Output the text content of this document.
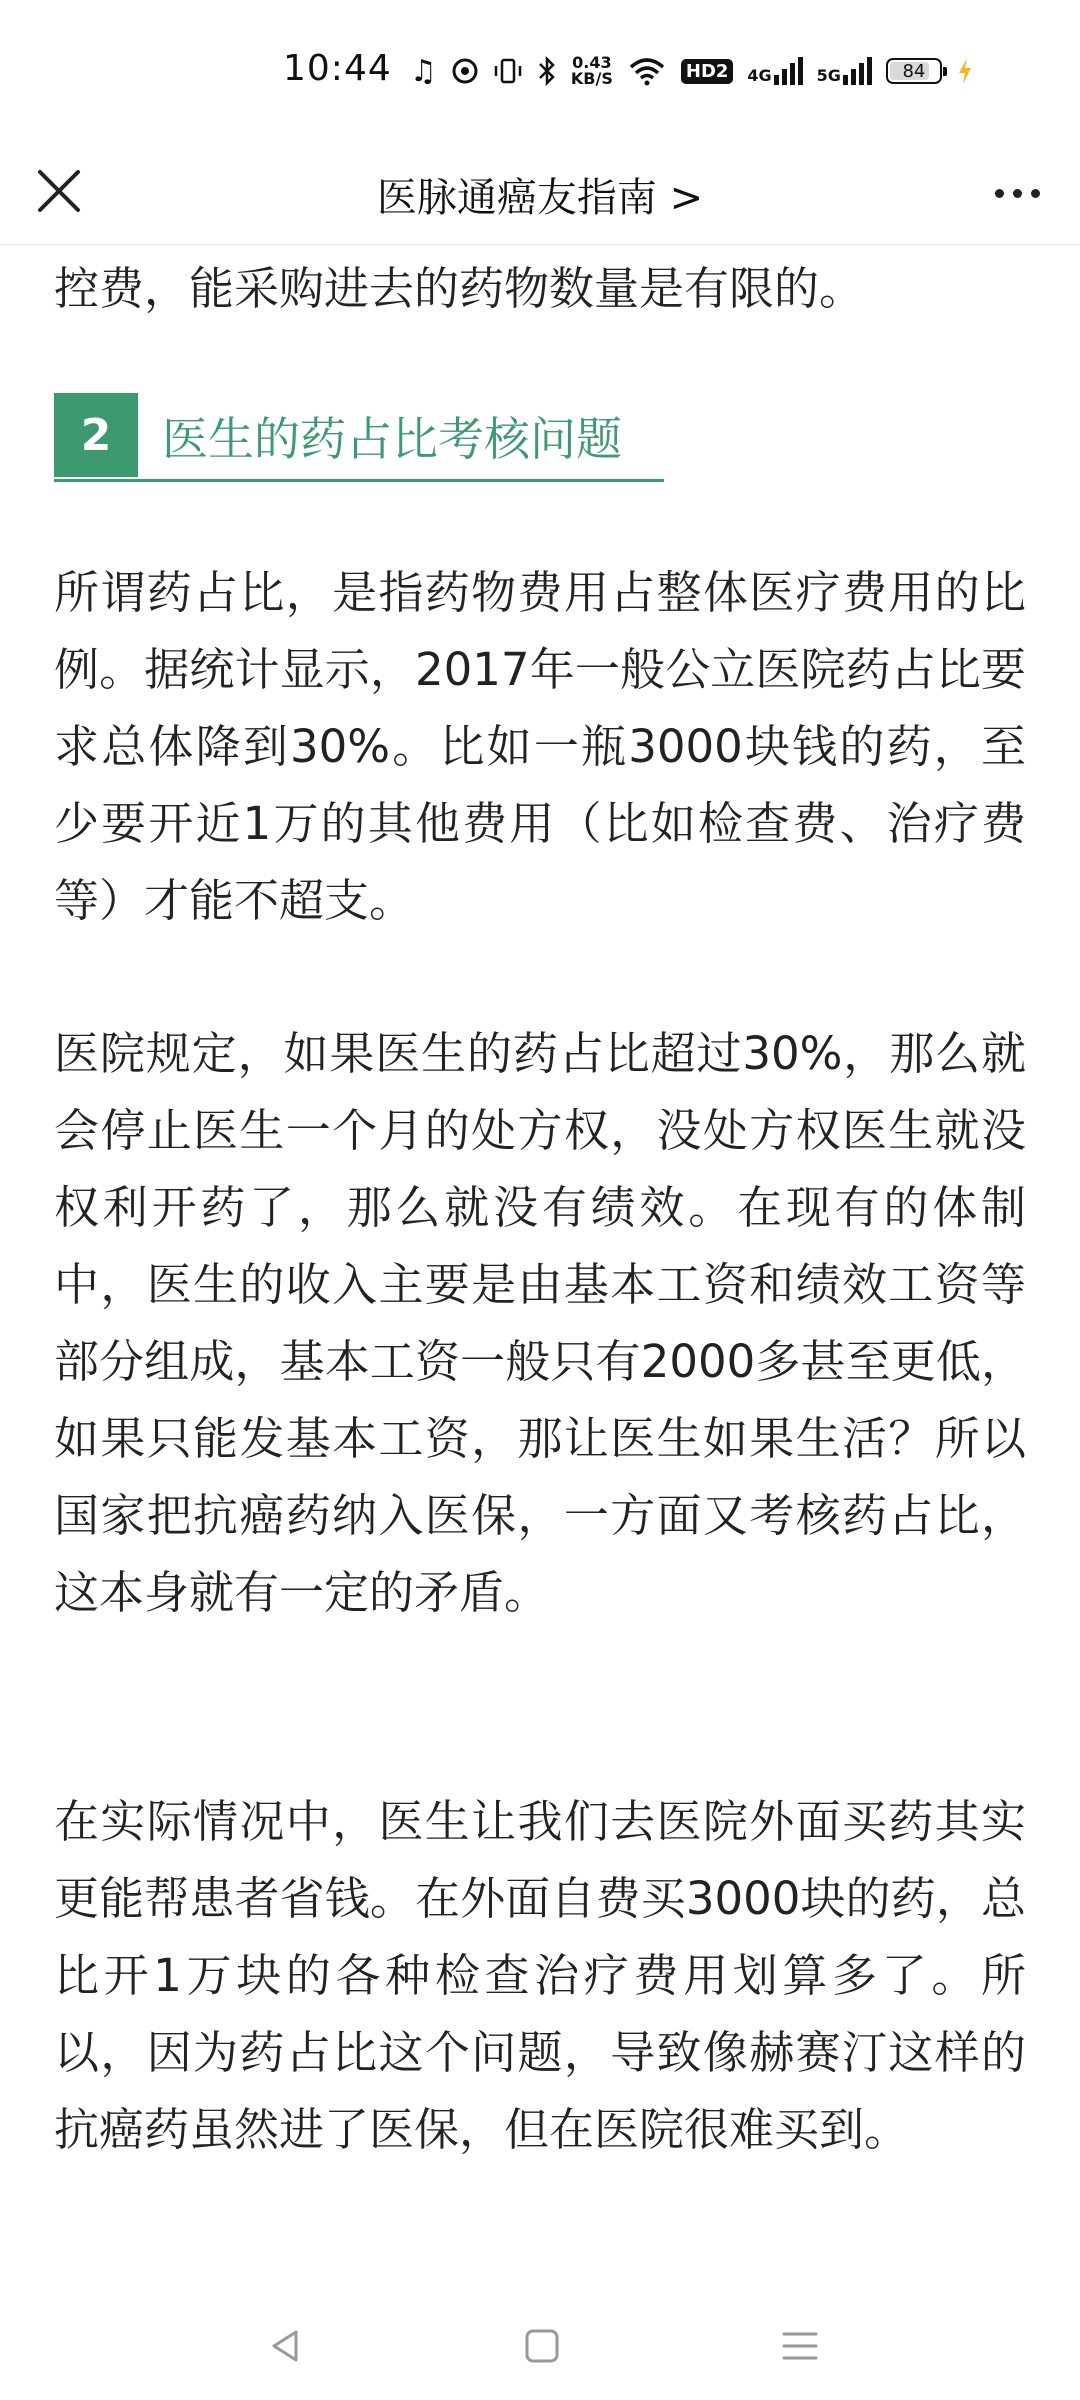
10:44 ♫	0.43
KB/S	HD2	4G	5G	84
医脉通癌友指南 >

控费，能采购进去的药物数量是有限的。

2	医生的药占比考核问题

所谓药占比，是指药物费用占整体医疗费用的比例。据统计显示，2017年一般公立医院药占比要求总体降到30%。比如一瓶3000块钱的药，至少要开近1万的其他费用（比如检查费、治疗费等）才能不超支。

医院规定，如果医生的药占比超过30%，那么就会停止医生一个月的处方权，没处方权医生就没权利开药了，那么就没有绩效。在现有的体制中，医生的收入主要是由基本工资和绩效工资等部分组成，基本工资一般只有2000多甚至更低，如果只能发基本工资，那让医生如果生活？所以国家把抗癌药纳入医保，一方面又考核药占比，这本身就有一定的矛盾。

在实际情况中，医生让我们去医院外面买药其实更能帮患者省钱。在外面自费买3000块的药，总比开1万块的各种检查治疗费用划算多了。所以，因为药占比这个问题，导致像赫赛汀这样的抗癌药虽然进了医保，但在医院很难买到。
